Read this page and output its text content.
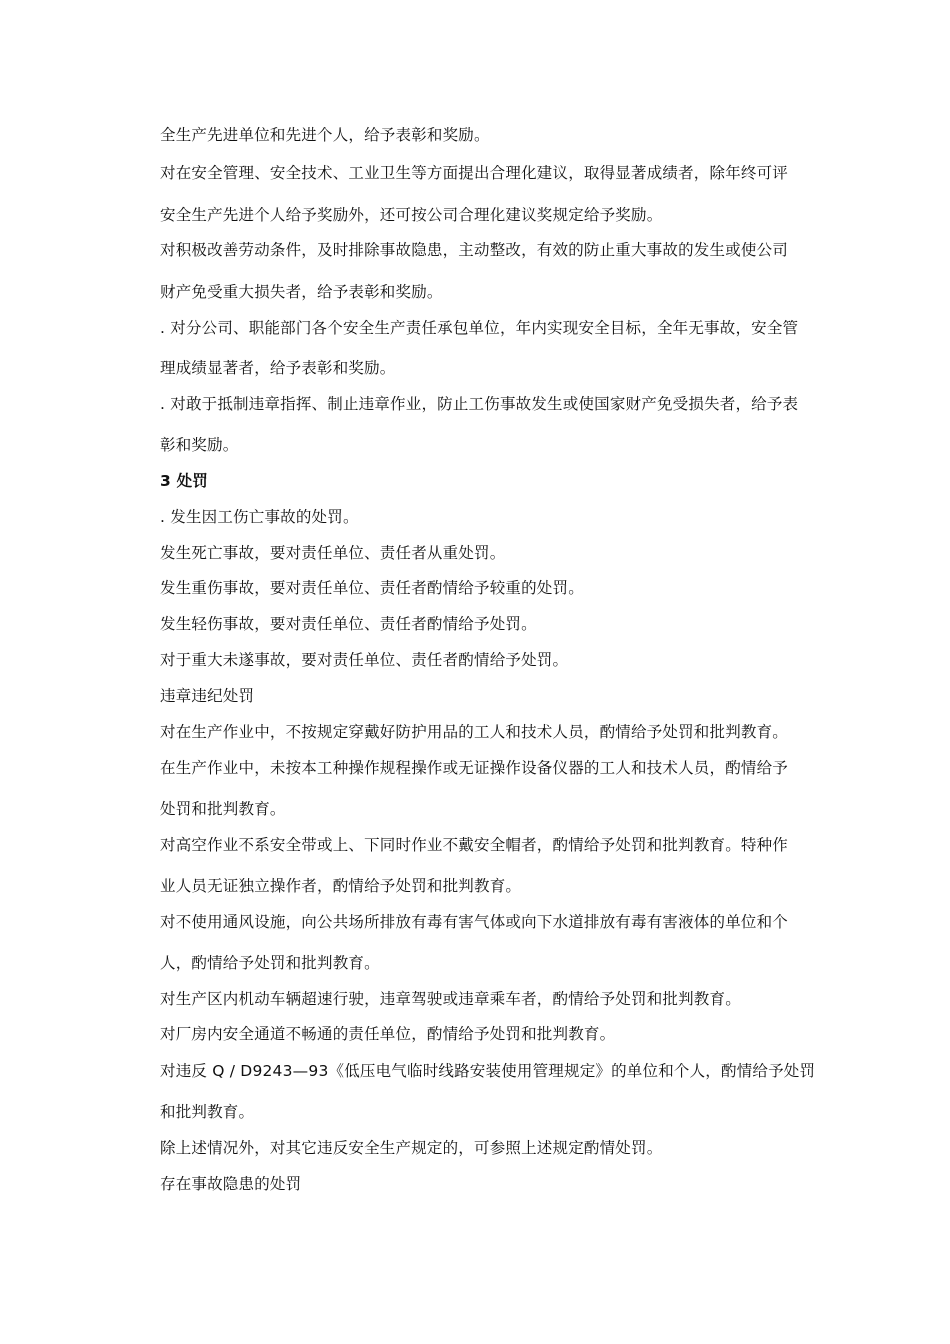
全生产先进单位和先进个人，给予表彰和奖励。
对在安全管理、安全技术、工业卫生等方面提出合理化建议，取得显著成绩者，除年终可评
安全生产先进个人给予奖励外，还可按公司合理化建议奖规定给予奖励。
对积极改善劳动条件，及时排除事故隐患，主动整改，有效的防止重大事故的发生或使公司
财产免受重大损失者，给予表彰和奖励。
. 对分公司、职能部门各个安全生产责任承包单位，年内实现安全目标，全年无事故，安全管
理成绩显著者，给予表彰和奖励。
. 对敢于抵制违章指挥、制止违章作业，防止工伤事故发生或使国家财产免受损失者，给予表
彰和奖励。
3 处罚
. 发生因工伤亡事故的处罚。
发生死亡事故，要对责任单位、责任者从重处罚。
发生重伤事故，要对责任单位、责任者酌情给予较重的处罚。
发生轻伤事故，要对责任单位、责任者酌情给予处罚。
对于重大未遂事故，要对责任单位、责任者酌情给予处罚。
违章违纪处罚
对在生产作业中，不按规定穿戴好防护用品的工人和技术人员，酌情给予处罚和批判教育。
在生产作业中，未按本工种操作规程操作或无证操作设备仪器的工人和技术人员，酌情给予
处罚和批判教育。
对高空作业不系安全带或上、下同时作业不戴安全帽者，酌情给予处罚和批判教育。特种作
业人员无证独立操作者，酌情给予处罚和批判教育。
对不使用通风设施，向公共场所排放有毒有害气体或向下水道排放有毒有害液体的单位和个
人，酌情给予处罚和批判教育。
对生产区内机动车辆超速行驶，违章驾驶或违章乘车者，酌情给予处罚和批判教育。
对厂房内安全通道不畅通的责任单位，酌情给予处罚和批判教育。
对违反 Q / D9243—93《低压电气临时线路安装使用管理规定》的单位和个人，酌情给予处罚
和批判教育。
除上述情况外，对其它违反安全生产规定的，可参照上述规定酌情处罚。
存在事故隐患的处罚
